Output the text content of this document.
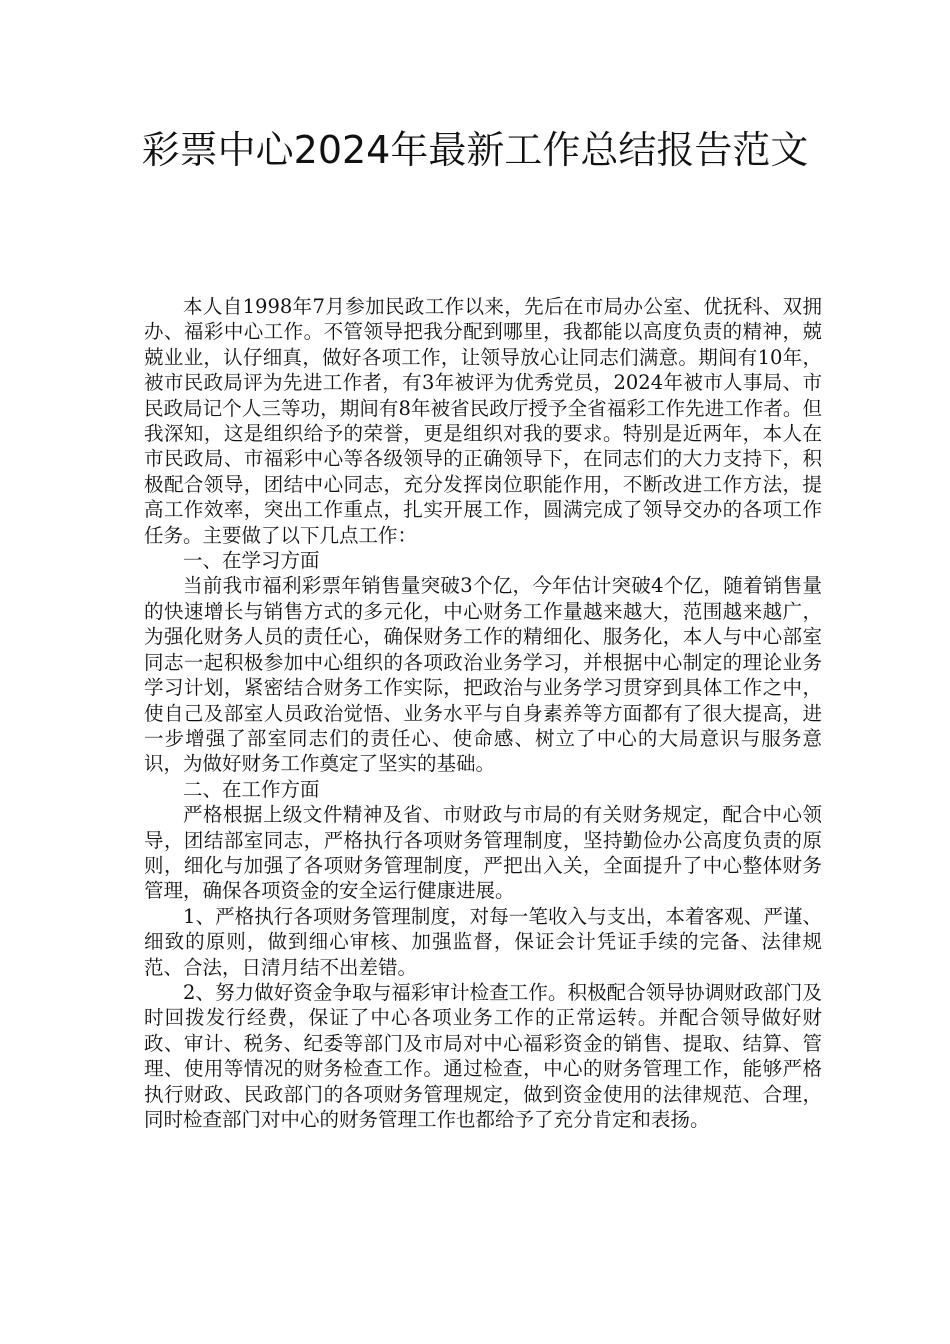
彩票中心2024年最新工作总结报告范文

本人自1998年7月参加民政工作以来，先后在市局办公室、优抚科、双拥办、福彩中心工作。不管领导把我分配到哪里，我都能以高度负责的精神，兢兢业业，认仔细真，做好各项工作，让领导放心让同志们满意。期间有10年，被市民政局评为先进工作者，有3年被评为优秀党员，2024年被市人事局、市民政局记个人三等功，期间有8年被省民政厅授予全省福彩工作先进工作者。但我深知，这是组织给予的荣誉，更是组织对我的要求。特别是近两年，本人在市民政局、市福彩中心等各级领导的正确领导下，在同志们的大力支持下，积极配合领导，团结中心同志，充分发挥岗位职能作用，不断改进工作方法，提高工作效率，突出工作重点，扎实开展工作，圆满完成了领导交办的各项工作任务。主要做了以下几点工作：

一、在学习方面

当前我市福利彩票年销售量突破3个亿，今年估计突破4个亿，随着销售量的快速增长与销售方式的多元化，中心财务工作量越来越大，范围越来越广，为强化财务人员的责任心，确保财务工作的精细化、服务化，本人与中心部室同志一起积极参加中心组织的各项政治业务学习，并根据中心制定的理论业务学习计划，紧密结合财务工作实际，把政治与业务学习贯穿到具体工作之中，使自己及部室人员政治觉悟、业务水平与自身素养等方面都有了很大提高，进一步增强了部室同志们的责任心、使命感、树立了中心的大局意识与服务意识，为做好财务工作奠定了坚实的基础。

二、在工作方面

严格根据上级文件精神及省、市财政与市局的有关财务规定，配合中心领导，团结部室同志，严格执行各项财务管理制度，坚持勤俭办公高度负责的原则，细化与加强了各项财务管理制度，严把出入关，全面提升了中心整体财务管理，确保各项资金的安全运行健康进展。

1、严格执行各项财务管理制度，对每一笔收入与支出，本着客观、严谨、细致的原则，做到细心审核、加强监督，保证会计凭证手续的完备、法律规范、合法，日清月结不出差错。

2、努力做好资金争取与福彩审计检查工作。积极配合领导协调财政部门及时回拨发行经费，保证了中心各项业务工作的正常运转。并配合领导做好财政、审计、税务、纪委等部门及市局对中心福彩资金的销售、提取、结算、管理、使用等情况的财务检查工作。通过检查，中心的财务管理工作，能够严格执行财政、民政部门的各项财务管理规定，做到资金使用的法律规范、合理，同时检查部门对中心的财务管理工作也都给予了充分肯定和表扬。
